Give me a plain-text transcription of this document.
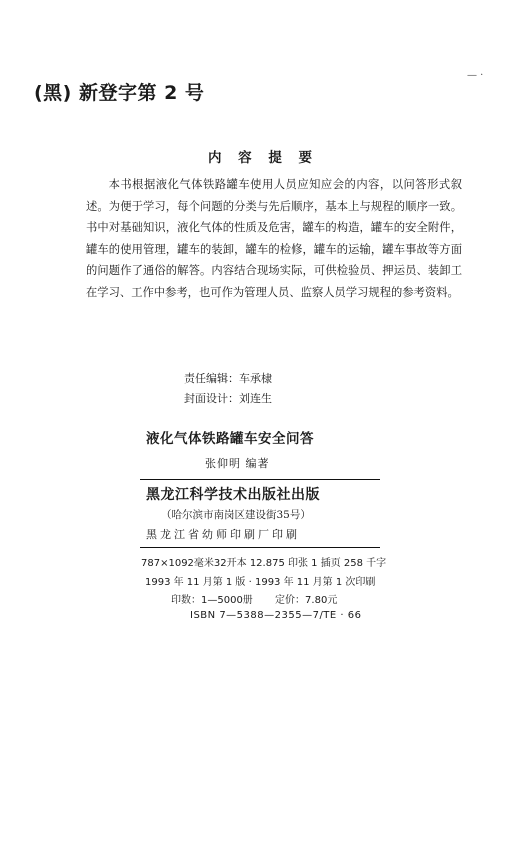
(黑) 新登字第 2 号
— ·
内 容 提 要

本书根据液化气体铁路罐车使用人员应知应会的内容，以问答形式叙述。为便于学习，每个问题的分类与先后顺序，基本上与规程的顺序一致。书中对基础知识，液化气体的性质及危害，罐车的构造，罐车的安全附件，罐车的使用管理，罐车的装卸，罐车的检修，罐车的运输，罐车事故等方面的问题作了通俗的解答。内容结合现场实际，可供检验员、押运员、装卸工在学习、工作中参考，也可作为管理人员、监察人员学习规程的参考资料。

责任编辑：车承棣
封面设计：刘连生
液化气体铁路罐车安全问答
张仰明 编著
黑龙江科学技术出版社出版
（哈尔滨市南岗区建设街35号）
黑龙江省幼师印刷厂印刷
787×1092毫米32开本 12.875 印张 1 插页 258 千字
1993 年 11 月第 1 版 · 1993 年 11 月第 1 次印刷
印数：1—5000册       定价：7.80元
ISBN 7—5388—2355—7/TE · 66
